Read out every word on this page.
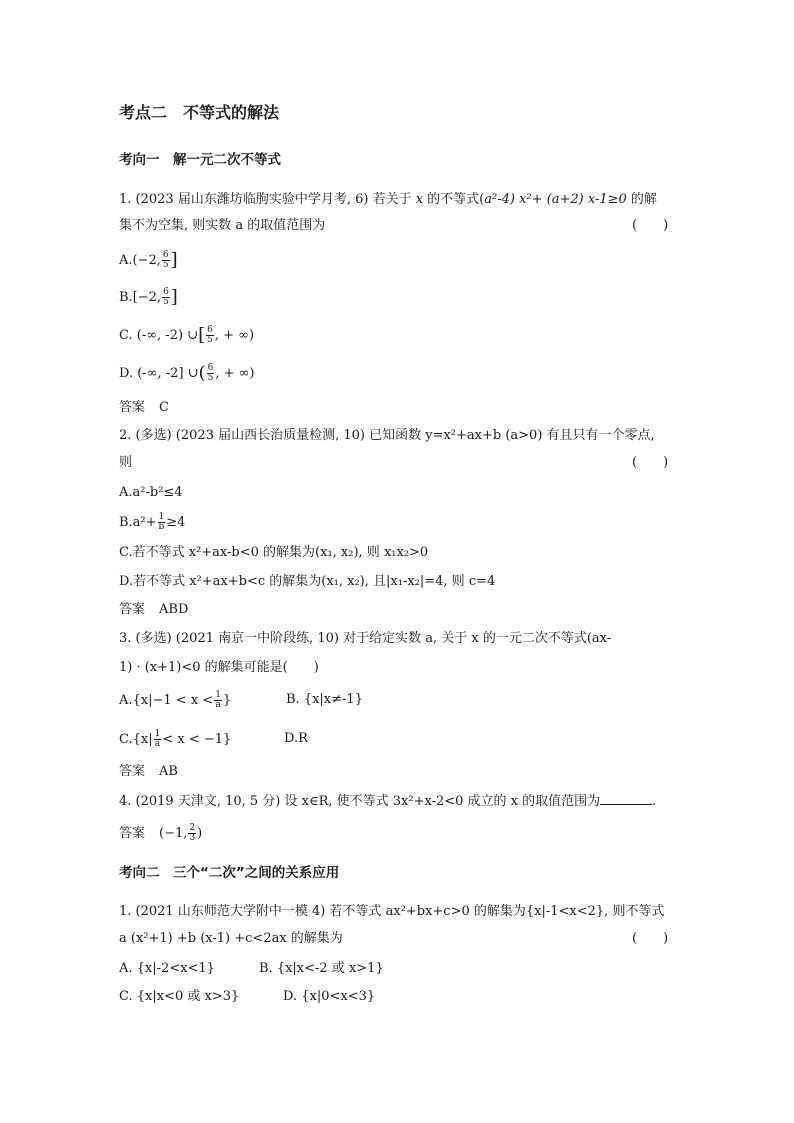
考点二　不等式的解法
考向一　解一元二次不等式
1. (2023 届山东潍坊临朐实验中学月考, 6) 若关于 x 的不等式(a²-4) x²+ (a+2) x-1≥0 的解
集不为空集, 则实数 a 的取值范围为	(　　)
A.(−2, $\frac{6}{5}$ ]
B.[−2, $\frac{6}{5}$ ]
C. (-∞, -2) ∪[ $\frac{6}{5}$ , + ∞)
D. (-∞, -2] ∪( $\frac{6}{5}$ , + ∞)
答案 C
2. (多选) (2023 届山西长治质量检测, 10) 已知函数 y=x²+ax+b (a>0) 有且只有一个零点,
则	(　　)
A.a²-b²≤4
$B.a^2+ \frac{1}{b} \ge 4$
C.若不等式 x²+ax-b<0 的解集为(x₁, x₂), 则 x₁x₂>0
D.若不等式 x²+ax+b<c 的解集为(x₁, x₂), 且|x₁-x₂|=4, 则 c=4
答案 ABD
3. (多选) (2021 南京一中阶段练, 10) 对于给定实数 a, 关于 x 的一元二次不等式(ax-
1) · (x+1)<0 的解集可能是(　　)
$A.\{x|-1 < x < \frac{1}{a}$ }	B. {x|x≠-1}
$C.\{x| \frac{1}{a} < x < -1\}$	D.R
答案 AB
4. (2019 天津文, 10, 5 分) 设 x∈R, 使不等式 3x²+x-2<0 成立的 x 的取值范围为	.
答案 (−1, $\frac{2}{3}$ )
考向二　三个“二次”之间的关系应用
1. (2021 山东师范大学附中一模 4) 若不等式 ax²+bx+c>0 的解集为{x|-1<x<2}, 则不等式
a (x²+1) +b (x-1) +c<2ax 的解集为	(　　)
A. {x|-2<x<1}	B. {x|x<-2 或 x>1}
C. {x|x<0 或 x>3}	D. {x|0<x<3}
